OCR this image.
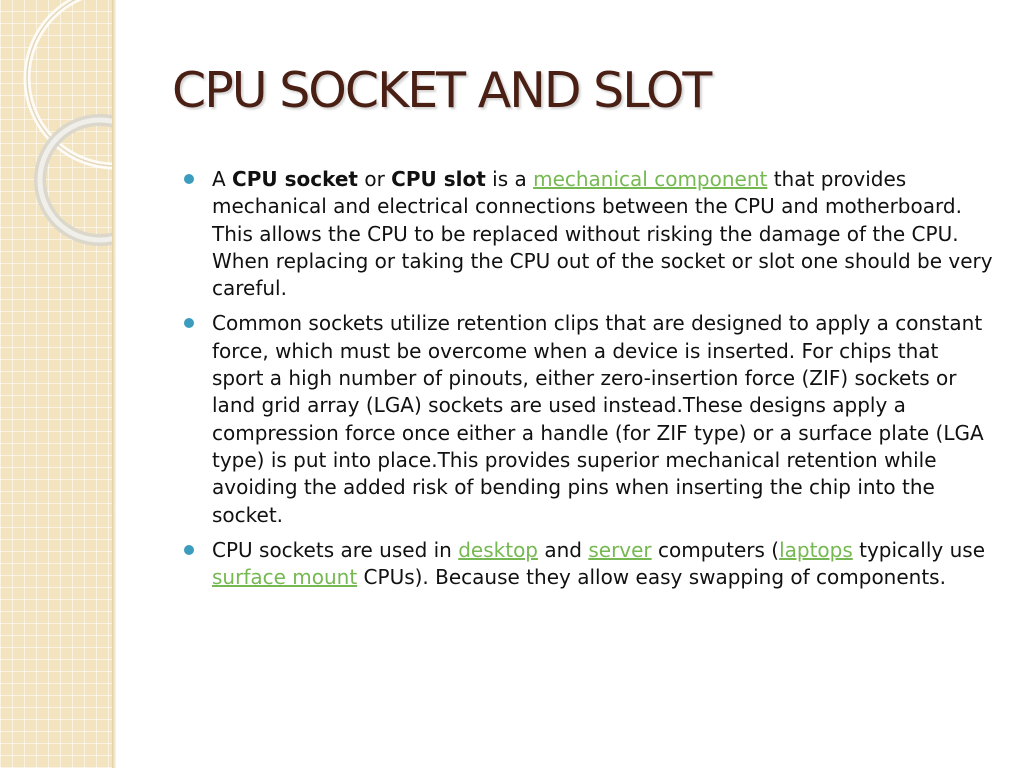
CPU SOCKET AND SLOT
A CPU socket or CPU slot is a mechanical component that provides mechanical and electrical connections between the CPU and motherboard. This allows the CPU to be replaced without risking the damage of the CPU. When replacing or taking the CPU out of the socket or slot one should be very careful.
Common sockets utilize retention clips that are designed to apply a constant force, which must be overcome when a device is inserted. For chips that sport a high number of pinouts, either zero-insertion force (ZIF) sockets or land grid array (LGA) sockets are used instead.These designs apply a compression force once either a handle (for ZIF type) or a surface plate (LGA type) is put into place.This provides superior mechanical retention while avoiding the added risk of bending pins when inserting the chip into the socket.
CPU sockets are used in desktop and server computers (laptops typically use surface mount CPUs). Because they allow easy swapping of components.
